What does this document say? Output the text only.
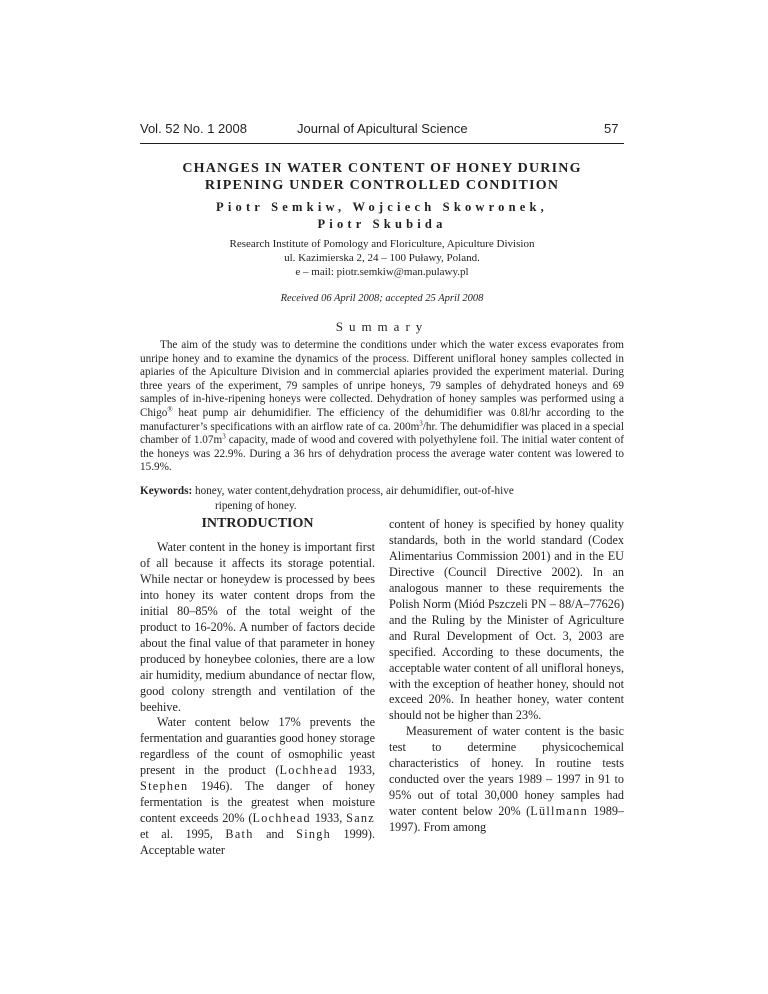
Vol. 52 No. 1 2008	Journal of Apicultural Science	57
CHANGES IN WATER CONTENT OF HONEY DURING
RIPENING UNDER CONTROLLED CONDITION
Piotr Semkiw, Wojciech Skowronek,
Piotr Skubida
Research Institute of Pomology and Floriculture, Apiculture Division
ul. Kazimierska 2, 24 – 100 Puławy, Poland.
e – mail: piotr.semkiw@man.pulawy.pl
Received 06 April 2008; accepted 25 April 2008
Summary

The aim of the study was to determine the conditions under which the water excess evaporates from unripe honey and to examine the dynamics of the process. Different unifloral honey samples collected in apiaries of the Apiculture Division and in commercial apiaries provided the experiment material. During three years of the experiment, 79 samples of unripe honeys, 79 samples of dehydrated honeys and 69 samples of in-hive-ripening honeys were collected. Dehydration of honey samples was performed using a Chigo® heat pump air dehumidifier. The efficiency of the dehumidifier was 0.8l/hr according to the manufacturer’s specifications with an airflow rate of ca. $200m^3/hr$. The dehumidifier was placed in a special chamber of $1.07m^3$ capacity, made of wood and covered with polyethylene foil. The initial water content of the honeys was 22.9%. During a 36 hrs of dehydration process the average water content was lowered to 15.9%.

Keywords: honey, water content,dehydration process, air dehumidifier, out-of-hive
ripening of honey.
INTRODUCTION

Water content in the honey is important first of all because it affects its storage potential. While nectar or honeydew is processed by bees into honey its water content drops from the initial 80–85% of the total weight of the product to 16-20%. A number of factors decide about the final value of that parameter in honey produced by honeybee colonies, there are a low air humidity, medium abundance of nectar flow, good colony strength and ventilation of the beehive.

Water content below 17% prevents the fermentation and guaranties good honey storage regardless of the count of osmophilic yeast present in the product (Lochhead 1933, Stephen 1946). The danger of honey fermentation is the greatest when moisture content exceeds 20% (Lochhead 1933, Sanz et al. 1995, Bath and Singh 1999). Acceptable water

content of honey is specified by honey quality standards, both in the world standard (Codex Alimentarius Commission 2001) and in the EU Directive (Council Directive 2002). In an analogous manner to these requirements the Polish Norm (Miód Pszczeli PN – 88/A–77626) and the Ruling by the Minister of Agriculture and Rural Development of Oct. 3, 2003 are specified. According to these documents, the acceptable water content of all unifloral honeys, with the exception of heather honey, should not exceed 20%. In heather honey, water content should not be higher than 23%.

Measurement of water content is the basic test to determine physicochemical characteristics of honey. In routine tests conducted over the years 1989 – 1997 in 91 to 95% out of total 30,000 honey samples had water content below 20% (Lüllmann 1989–1997). From among
